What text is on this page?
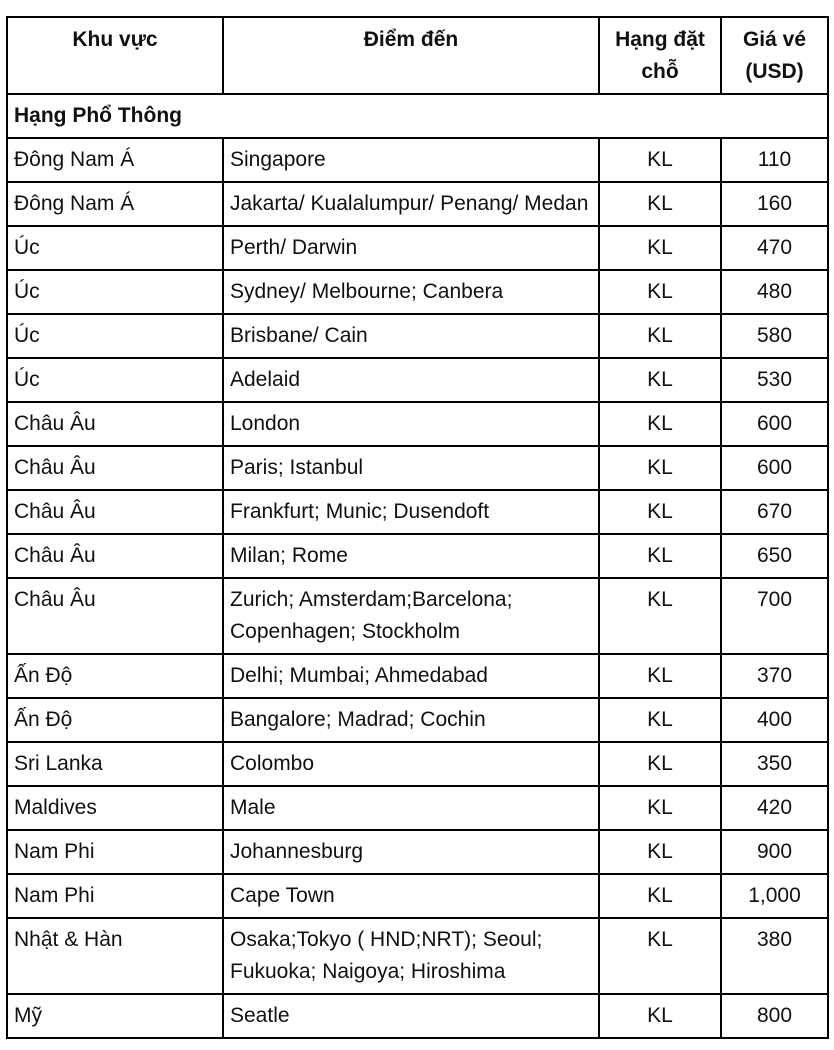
Khu vực	Điểm đến	Hạng đặt chỗ	Giá vé (USD)
Hạng Phổ Thông			
Đông Nam Á	Singapore	KL	110
Đông Nam Á	Jakarta/ Kualalumpur/ Penang/ Medan	KL	160
Úc	Perth/ Darwin	KL	470
Úc	Sydney/ Melbourne; Canbera	KL	480
Úc	Brisbane/ Cain	KL	580
Úc	Adelaid	KL	530
Châu Âu	London	KL	600
Châu Âu	Paris; Istanbul	KL	600
Châu Âu	Frankfurt; Munic; Dusendoft	KL	670
Châu Âu	Milan; Rome	KL	650
Châu Âu	Zurich; Amsterdam;Barcelona; Copenhagen; Stockholm	KL	700
Ấn Độ	Delhi; Mumbai; Ahmedabad	KL	370
Ấn Độ	Bangalore; Madrad; Cochin	KL	400
Sri Lanka	Colombo	KL	350
Maldives	Male	KL	420
Nam Phi	Johannesburg	KL	900
Nam Phi	Cape Town	KL	1,000
Nhật & Hàn	Osaka;Tokyo ( HND;NRT); Seoul; Fukuoka; Naigoya; Hiroshima	KL	380
Mỹ	Seatle	KL	800
